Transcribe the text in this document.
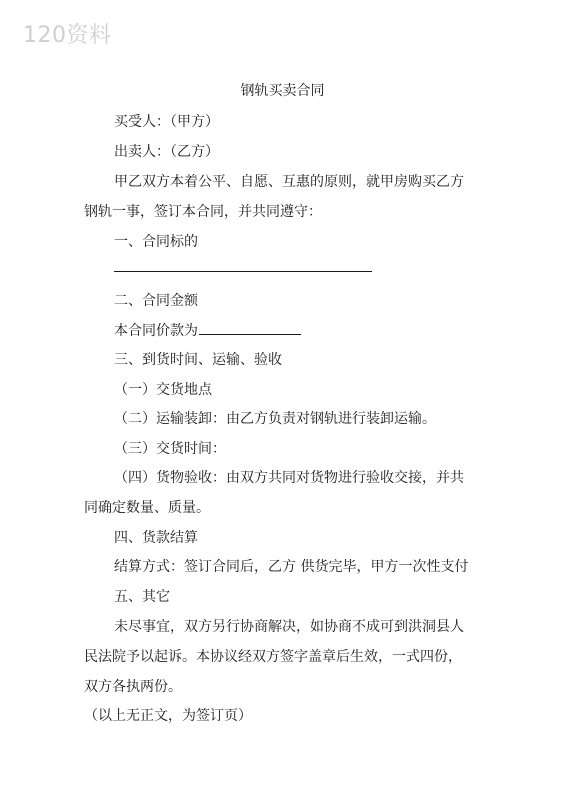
120资料
钢轨买卖合同
买受人：（甲方）
出卖人：（乙方）
甲乙双方本着公平、自愿、互惠的原则，就甲房购买乙方
钢轨一事，签订本合同，并共同遵守：
一、合同标的
二、合同金额
本合同价款为
三、到货时间、运输、验收
（一）交货地点
（二）运输装卸：由乙方负责对钢轨进行装卸运输。
（三）交货时间：
（四）货物验收：由双方共同对货物进行验收交接，并共
同确定数量、质量。
四、货款结算
结算方式：签订合同后，乙方 供货完毕，甲方一次性支付
五、其它
未尽事宜，双方另行协商解决，如协商不成可到洪洞县人
民法院予以起诉。本协议经双方签字盖章后生效，一式四份，
双方各执两份。
（以上无正文，为签订页）
